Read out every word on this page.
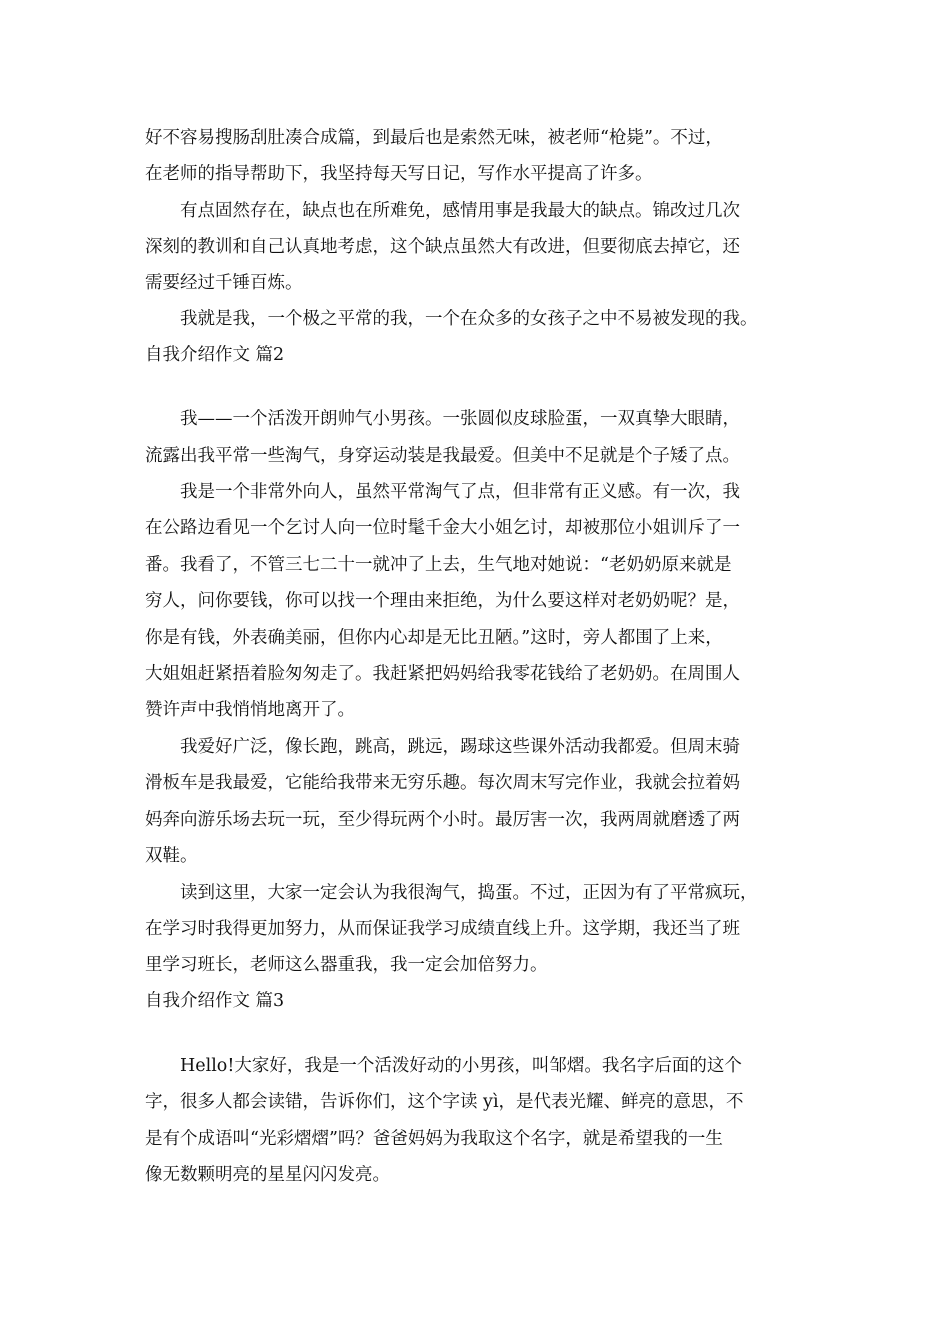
好不容易搜肠刮肚凑合成篇，到最后也是索然无味，被老师“枪毙”。不过，
在老师的指导帮助下，我坚持每天写日记，写作水平提高了许多。
　　有点固然存在，缺点也在所难免，感情用事是我最大的缺点。锦改过几次
深刻的教训和自己认真地考虑，这个缺点虽然大有改进，但要彻底去掉它，还
需要经过千锤百炼。
　　我就是我，一个极之平常的我，一个在众多的女孩子之中不易被发现的我。
自我介绍作文 篇2
　　我——一个活泼开朗帅气小男孩。一张圆似皮球脸蛋，一双真挚大眼睛，
流露出我平常一些淘气，身穿运动装是我最爱。但美中不足就是个子矮了点。
　　我是一个非常外向人，虽然平常淘气了点，但非常有正义感。有一次，我
在公路边看见一个乞讨人向一位时髦千金大小姐乞讨，却被那位小姐训斥了一
番。我看了，不管三七二十一就冲了上去，生气地对她说：“老奶奶原来就是
穷人，问你要钱，你可以找一个理由来拒绝，为什么要这样对老奶奶呢？是，
你是有钱，外表确美丽，但你内心却是无比丑陋。”这时，旁人都围了上来，
大姐姐赶紧捂着脸匆匆走了。我赶紧把妈妈给我零花钱给了老奶奶。在周围人
赞许声中我悄悄地离开了。
　　我爱好广泛，像长跑，跳高，跳远，踢球这些课外活动我都爱。但周末骑
滑板车是我最爱，它能给我带来无穷乐趣。每次周末写完作业，我就会拉着妈
妈奔向游乐场去玩一玩，至少得玩两个小时。最厉害一次，我两周就磨透了两
双鞋。
　　读到这里，大家一定会认为我很淘气，捣蛋。不过，正因为有了平常疯玩，
在学习时我得更加努力，从而保证我学习成绩直线上升。这学期，我还当了班
里学习班长，老师这么器重我，我一定会加倍努力。
自我介绍作文 篇3
　　Hello!大家好，我是一个活泼好动的小男孩，叫邹熠。我名字后面的这个
字，很多人都会读错，告诉你们，这个字读 yì，是代表光耀、鲜亮的意思，不
是有个成语叫“光彩熠熠”吗？爸爸妈妈为我取这个名字，就是希望我的一生
像无数颗明亮的星星闪闪发亮。
